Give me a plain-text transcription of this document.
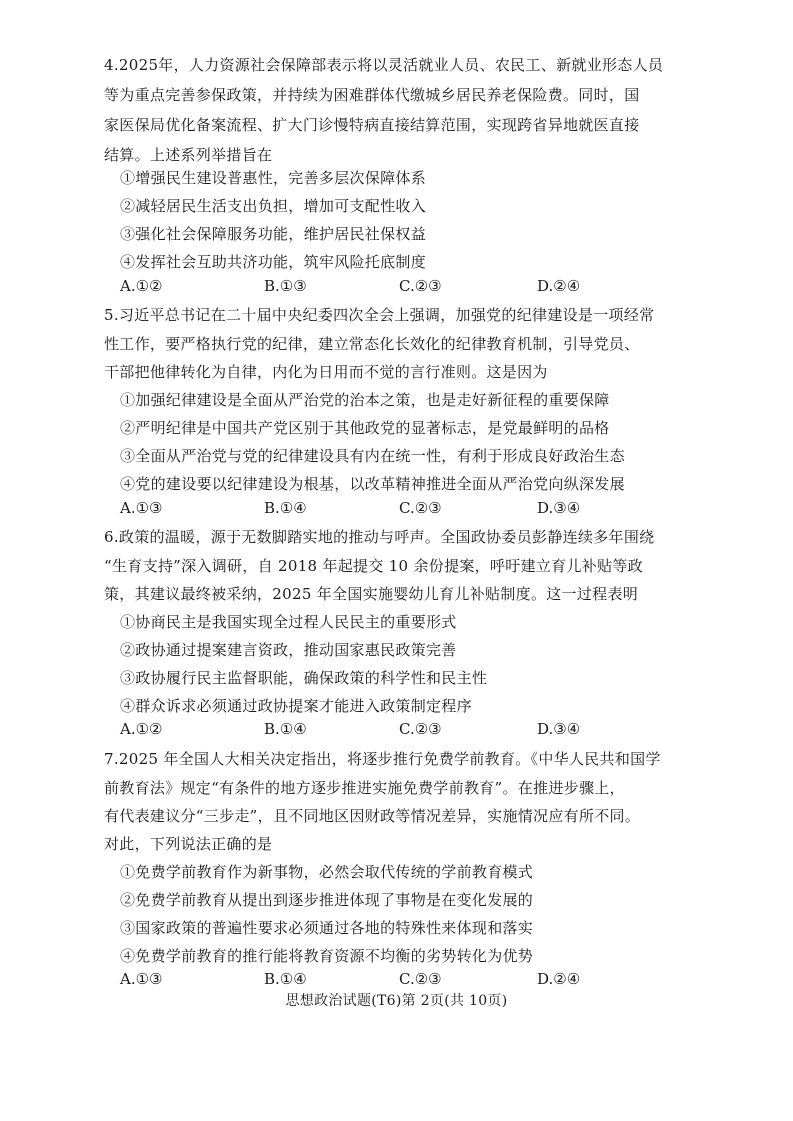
4.2025年，人力资源社会保障部表示将以灵活就业人员、农民工、新就业形态人员
等为重点完善参保政策，并持续为困难群体代缴城乡居民养老保险费。同时，国
家医保局优化备案流程、扩大门诊慢特病直接结算范围，实现跨省异地就医直接
结算。上述系列举措旨在
①增强民生建设普惠性，完善多层次保障体系
②减轻居民生活支出负担，增加可支配性收入
③强化社会保障服务功能，维护居民社保权益
④发挥社会互助共济功能，筑牢风险托底制度
A.①②	B.①③	C.②③	D.②④
5.习近平总书记在二十届中央纪委四次全会上强调，加强党的纪律建设是一项经常
性工作，要严格执行党的纪律，建立常态化长效化的纪律教育机制，引导党员、
干部把他律转化为自律，内化为日用而不觉的言行准则。这是因为
①加强纪律建设是全面从严治党的治本之策，也是走好新征程的重要保障
②严明纪律是中国共产党区别于其他政党的显著标志，是党最鲜明的品格
③全面从严治党与党的纪律建设具有内在统一性，有利于形成良好政治生态
④党的建设要以纪律建设为根基，以改革精神推进全面从严治党向纵深发展
A.①③	B.①④	C.②③	D.③④
6.政策的温暖，源于无数脚踏实地的推动与呼声。全国政协委员彭静连续多年围绕
“生育支持”深入调研，自 2018 年起提交 10 余份提案，呼吁建立育儿补贴等政
策，其建议最终被采纳，2025 年全国实施婴幼儿育儿补贴制度。这一过程表明
①协商民主是我国实现全过程人民民主的重要形式
②政协通过提案建言资政，推动国家惠民政策完善
③政协履行民主监督职能，确保政策的科学性和民主性
④群众诉求必须通过政协提案才能进入政策制定程序
A.①②	B.①④	C.②③	D.③④
7.2025 年全国人大相关决定指出，将逐步推行免费学前教育。《中华人民共和国学
前教育法》规定“有条件的地方逐步推进实施免费学前教育”。在推进步骤上，
有代表建议分“三步走”，且不同地区因财政等情况差异，实施情况应有所不同。
对此，下列说法正确的是
①免费学前教育作为新事物，必然会取代传统的学前教育模式
②免费学前教育从提出到逐步推进体现了事物是在变化发展的
③国家政策的普遍性要求必须通过各地的特殊性来体现和落实
④免费学前教育的推行能将教育资源不均衡的劣势转化为优势
A.①③	B.①④	C.②③	D.②④
思想政治试题(T6)第 2页(共 10页)
